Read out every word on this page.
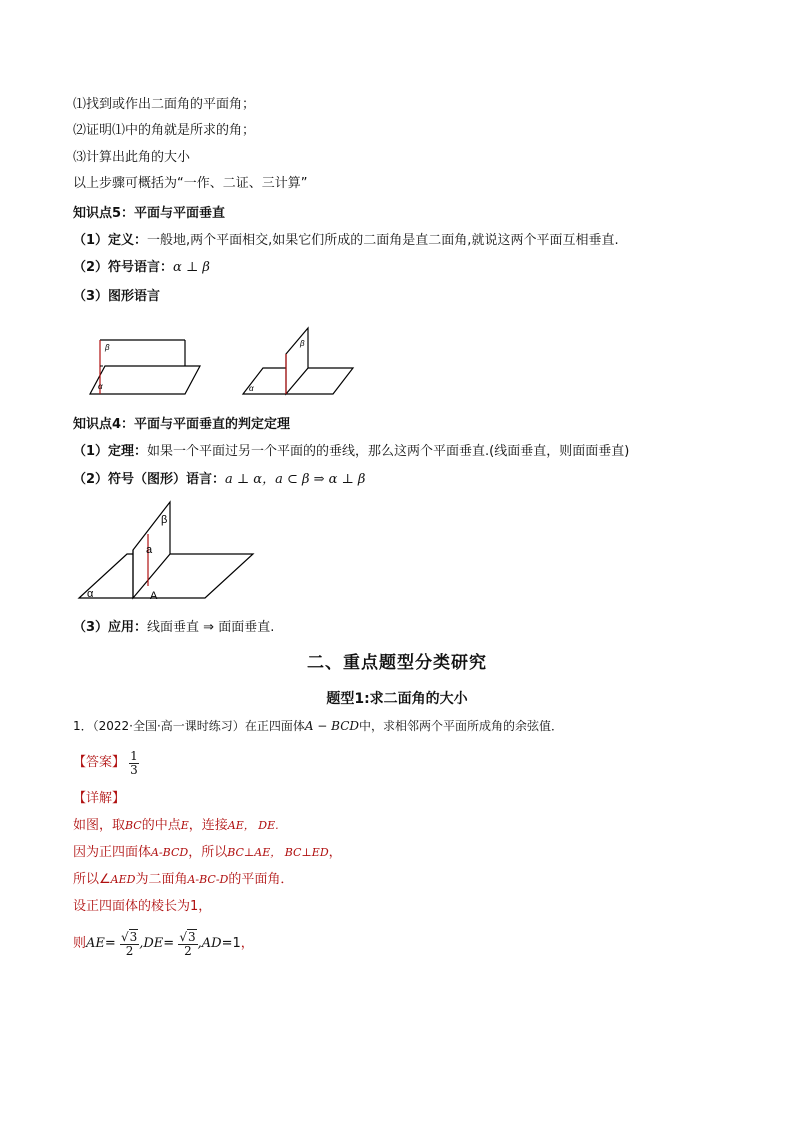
⑴找到或作出二面角的平面角；
⑵证明⑴中的角就是所求的角；
⑶计算出此角的大小
以上步骤可概括为“一作、二证、三计算”
知识点5：平面与平面垂直
（1）定义：一般地,两个平面相交,如果它们所成的二面角是直二面角,就说这两个平面互相垂直.
（2）符号语言：α ⊥ β
（3）图形语言
β
α
β
α
知识点4：平面与平面垂直的判定定理
（1）定理：如果一个平面过另一个平面的的垂线，那么这两个平面垂直.(线面垂直，则面面垂直)
（2）符号（图形）语言：a ⊥ α，a ⊂ β ⇒ α ⊥ β
β
a
α	A
（3）应用：线面垂直 ⇒ 面面垂直.
二、重点题型分类研究
题型1:求二面角的大小
1．（2022·全国·高一课时练习）在正四面体A − BCD中，求相邻两个平面所成角的余弦值．
【答案】 $\frac{1}{3}$
【详解】
如图，取BC的中点E，连接AE， DE.
因为正四面体A-BCD，所以BC⊥AE， BC⊥ED，
所以∠AED为二面角A-BC-D的平面角．
设正四面体的棱长为1，
则$AE= \frac{√3}{2} ,DE= \frac{√3}{2} ,AD=1$，
